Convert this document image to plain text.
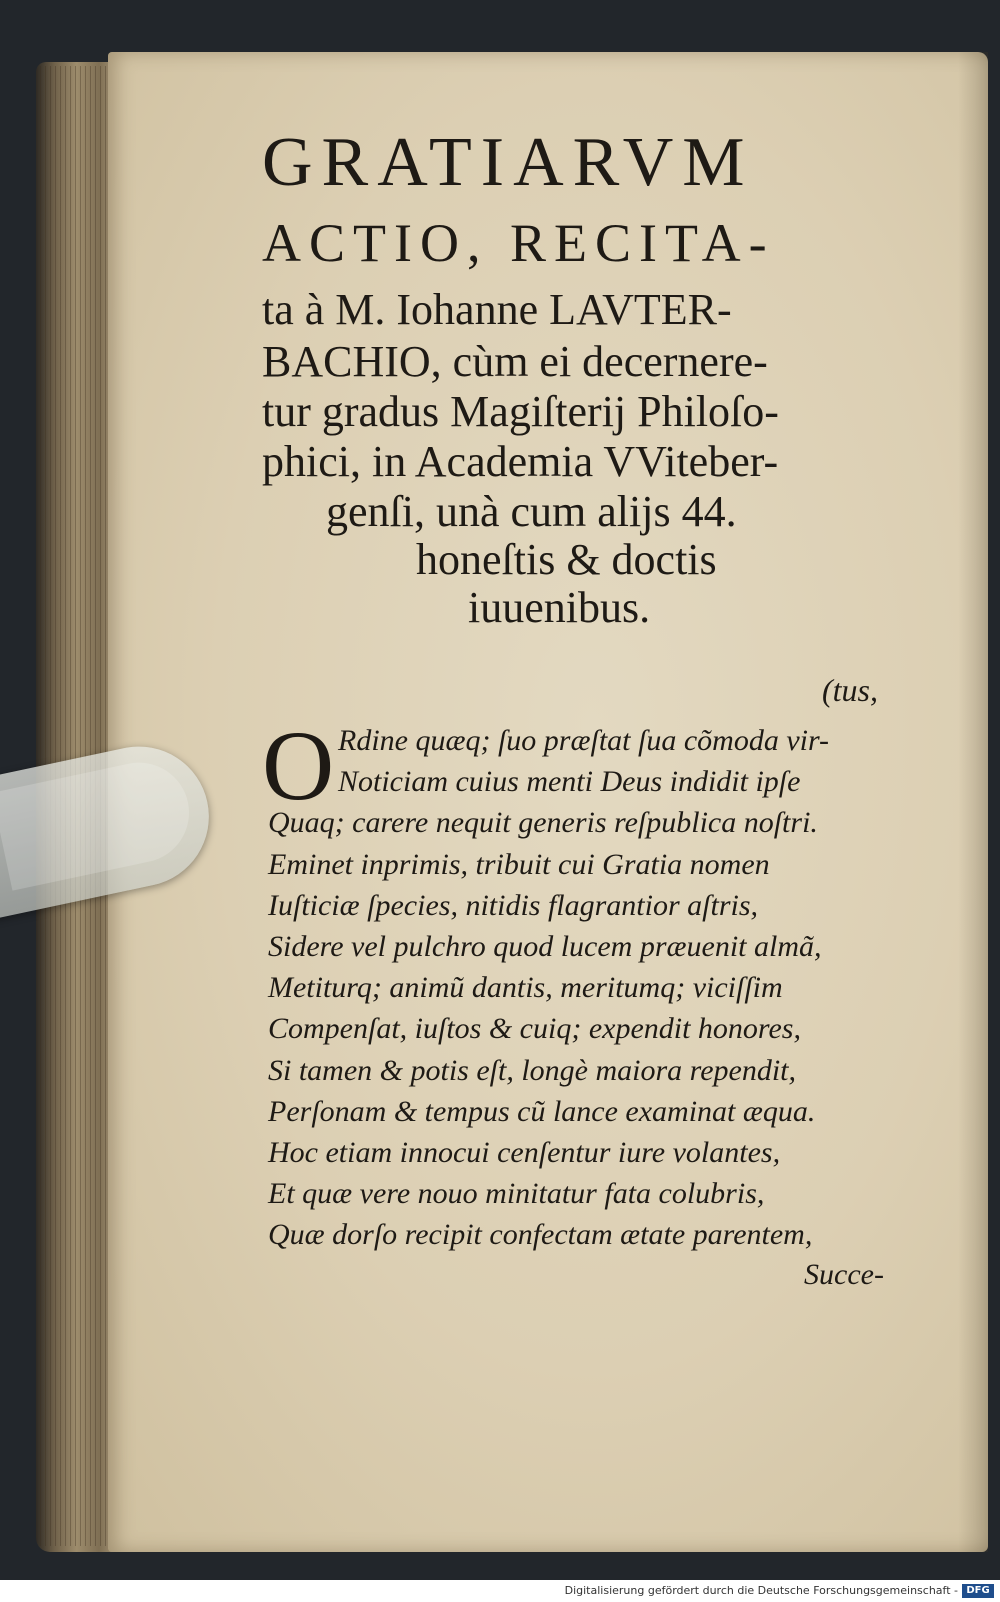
GRATIARVM
ACTIO, RECITA-
ta à M. Iohanne LAVTER-
BACHIO, cùm ei decernere-
tur gradus Magiſterij Philoſo-
phici, in Academia VViteber-
genſi, unà cum alijs 44.
honeſtis & doctis
iuuenibus.
(tus,
O Rdine quæq; ſuo præſtat ſua cõmoda vir-
Noticiam cuius menti Deus indidit ipſe
Quaq; carere nequit generis reſpublica noſtri.
Eminet inprimis, tribuit cui Gratia nomen
Iuſticiæ ſpecies, nitidis flagrantior aſtris,
Sidere vel pulchro quod lucem præuenit almã,
Metiturq; animũ dantis, meritumq; viciſſim
Compenſat, iuſtos & cuiq; expendit honores,
Si tamen & potis eſt, longè maiora rependit,
Perſonam & tempus cũ lance examinat æqua.
Hoc etiam innocui cenſentur iure volantes,
Et quæ vere nouo minitatur fata colubris,
Quæ dorſo recipit confectam ætate parentem,
Succe-
Digitalisierung gefördert durch die Deutsche Forschungsgemeinschaft - DFG
